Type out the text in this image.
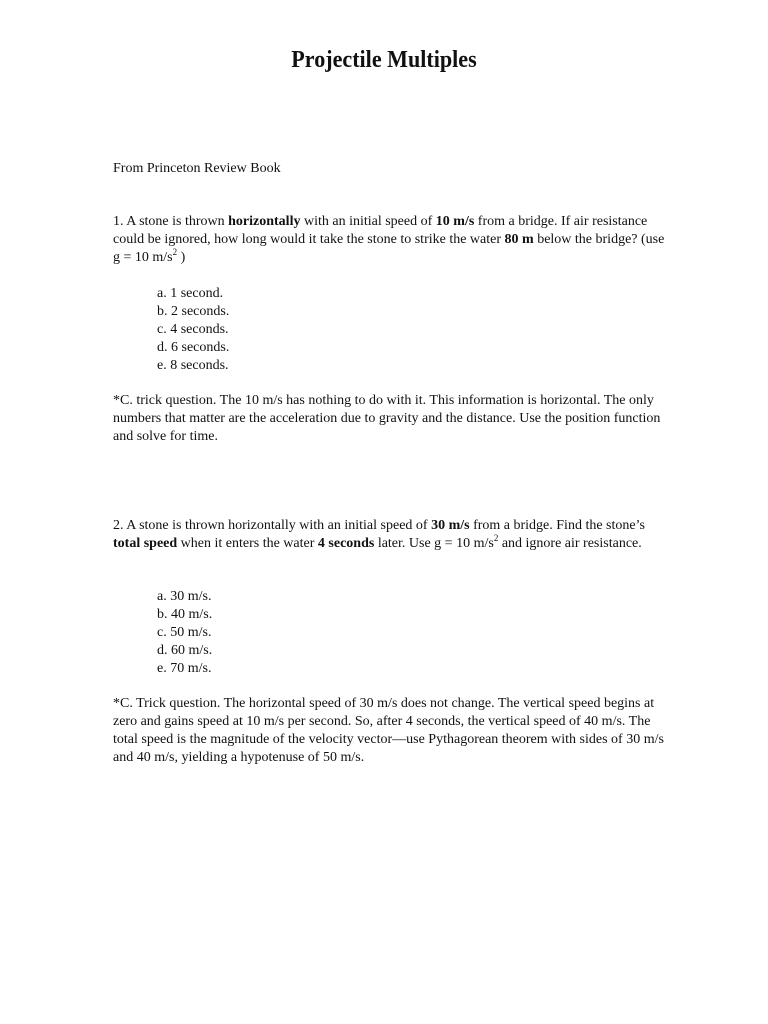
Projectile Multiples

From Princeton Review Book

1. A stone is thrown horizontally with an initial speed of 10 m/s from a bridge. If air resistance could be ignored, how long would it take the stone to strike the water 80 m below the bridge? (use g = 10 $m/s^2$ )

a. 1 second.
b. 2 seconds.
c. 4 seconds.
d. 6 seconds.
e. 8 seconds.

*C. trick question. The 10 m/s has nothing to do with it. This information is horizontal. The only numbers that matter are the acceleration due to gravity and the distance. Use the position function and solve for time.

2. A stone is thrown horizontally with an initial speed of 30 m/s from a bridge. Find the stone’s total speed when it enters the water 4 seconds later. Use g = 10 $m/s^2$ and ignore air resistance.

a. 30 m/s.
b. 40 m/s.
c. 50 m/s.
d. 60 m/s.
e. 70 m/s.

*C. Trick question. The horizontal speed of 30 m/s does not change. The vertical speed begins at zero and gains speed at 10 m/s per second. So, after 4 seconds, the vertical speed of 40 m/s. The total speed is the magnitude of the velocity vector—use Pythagorean theorem with sides of 30 m/s and 40 m/s, yielding a hypotenuse of 50 m/s.
